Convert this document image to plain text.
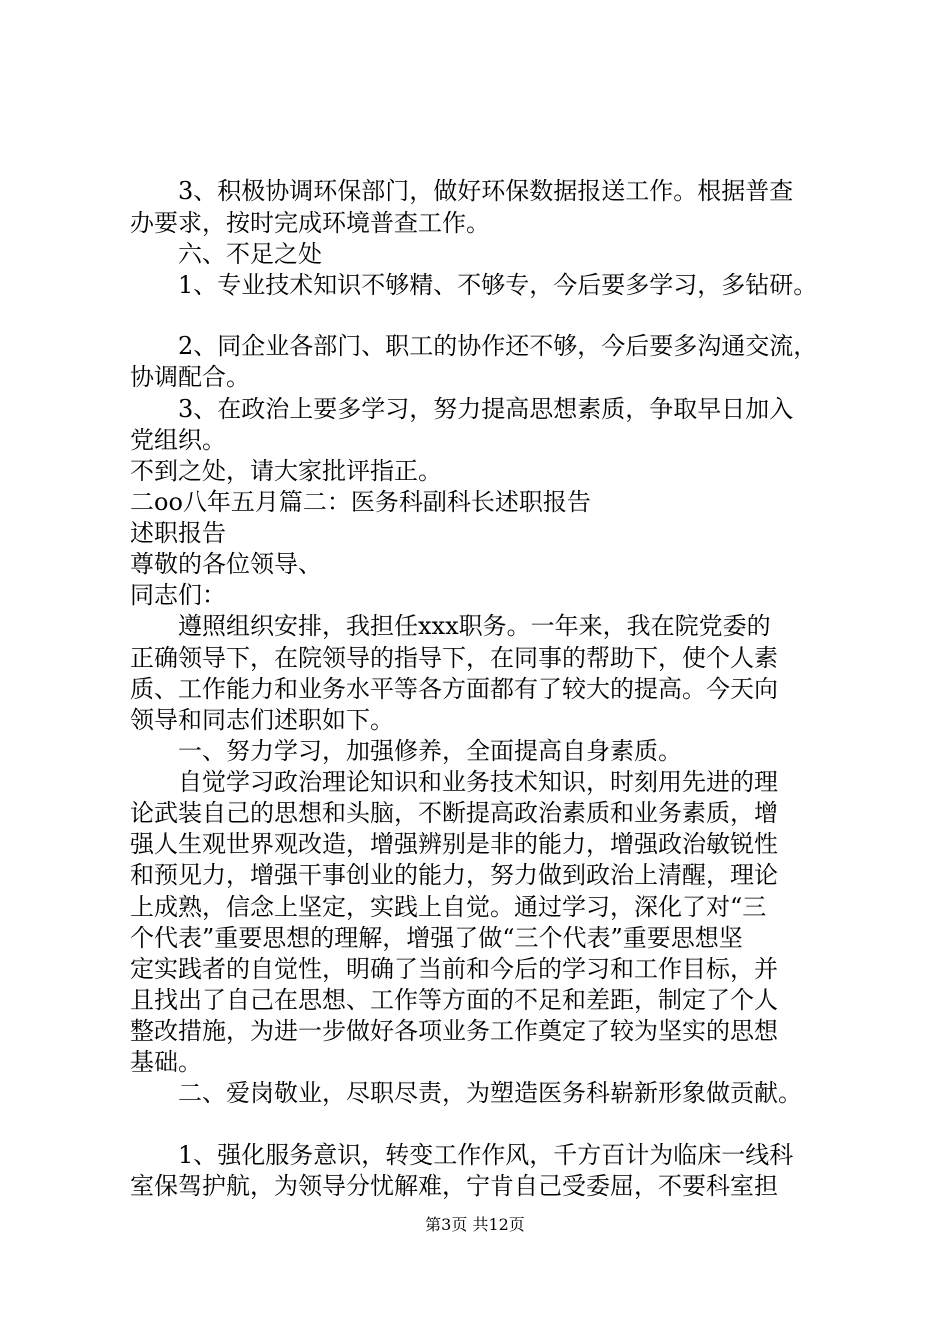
3、积极协调环保部门，做好环保数据报送工作。根据普查

办要求，按时完成环境普查工作。

六、不足之处

1、专业技术知识不够精、不够专，今后要多学习，多钻研。

2、同企业各部门、职工的协作还不够，今后要多沟通交流，

协调配合。

3、在政治上要多学习，努力提高思想素质，争取早日加入

党组织。

不到之处，请大家批评指正。

二oo八年五月篇二：医务科副科长述职报告

述职报告

尊敬的各位领导、

同志们：

遵照组织安排，我担任xxx职务。一年来，我在院党委的

正确领导下，在院领导的指导下，在同事的帮助下，使个人素

质、工作能力和业务水平等各方面都有了较大的提高。今天向

领导和同志们述职如下。

一、努力学习，加强修养，全面提高自身素质。

自觉学习政治理论知识和业务技术知识，时刻用先进的理

论武装自己的思想和头脑，不断提高政治素质和业务素质，增

强人生观世界观改造，增强辨别是非的能力，增强政治敏锐性

和预见力，增强干事创业的能力，努力做到政治上清醒，理论

上成熟，信念上坚定，实践上自觉。通过学习，深化了对“三

个代表”重要思想的理解，增强了做“三个代表”重要思想坚

定实践者的自觉性，明确了当前和今后的学习和工作目标，并

且找出了自己在思想、工作等方面的不足和差距，制定了个人

整改措施，为进一步做好各项业务工作奠定了较为坚实的思想

基础。

二、爱岗敬业，尽职尽责，为塑造医务科崭新形象做贡献。

1、强化服务意识，转变工作作风，千方百计为临床一线科

室保驾护航，为领导分忧解难，宁肯自己受委屈，不要科室担

第3页 共12页
